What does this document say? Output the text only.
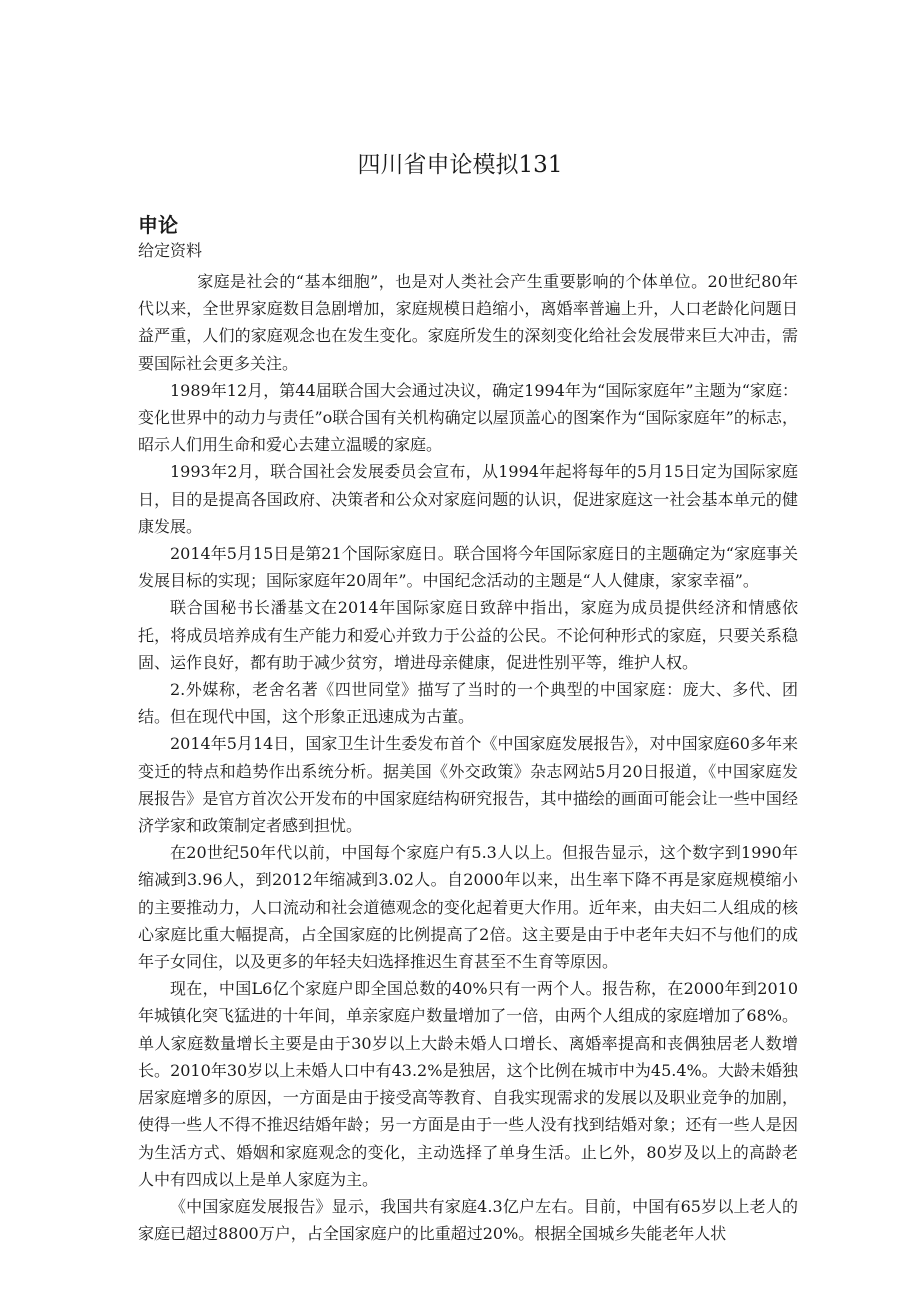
四川省申论模拟131
申论
给定资料

家庭是社会的“基本细胞”，也是对人类社会产生重要影响的个体单位。20世纪80年代以来，全世界家庭数目急剧增加，家庭规模日趋缩小，离婚率普遍上升，人口老龄化问题日益严重，人们的家庭观念也在发生变化。家庭所发生的深刻变化给社会发展带来巨大冲击，需要国际社会更多关注。

1989年12月，第44届联合国大会通过决议，确定1994年为“国际家庭年”主题为“家庭：变化世界中的动力与责任”o联合国有关机构确定以屋顶盖心的图案作为“国际家庭年”的标志，昭示人们用生命和爱心去建立温暖的家庭。

1993年2月，联合国社会发展委员会宣布，从1994年起将每年的5月15日定为国际家庭日，目的是提高各国政府、决策者和公众对家庭问题的认识，促进家庭这一社会基本单元的健康发展。

2014年5月15日是第21个国际家庭日。联合国将今年国际家庭日的主题确定为“家庭事关发展目标的实现；国际家庭年20周年”。中国纪念活动的主题是“人人健康，家家幸福”。

联合国秘书长潘基文在2014年国际家庭日致辞中指出，家庭为成员提供经济和情感依托，将成员培养成有生产能力和爱心并致力于公益的公民。不论何种形式的家庭，只要关系稳固、运作良好，都有助于减少贫穷，增进母亲健康，促进性别平等，维护人权。

2.外媒称，老舍名著《四世同堂》描写了当时的一个典型的中国家庭：庞大、多代、团结。但在现代中国，这个形象正迅速成为古董。

2014年5月14日，国家卫生计生委发布首个《中国家庭发展报告》，对中国家庭60多年来变迁的特点和趋势作出系统分析。据美国《外交政策》杂志网站5月20日报道，《中国家庭发展报告》是官方首次公开发布的中国家庭结构研究报告，其中描绘的画面可能会让一些中国经济学家和政策制定者感到担忧。

在20世纪50年代以前，中国每个家庭户有5.3人以上。但报告显示，这个数字到1990年缩减到3.96人，到2012年缩减到3.02人。自2000年以来，出生率下降不再是家庭规模缩小的主要推动力，人口流动和社会道德观念的变化起着更大作用。近年来，由夫妇二人组成的核心家庭比重大幅提高，占全国家庭的比例提高了2倍。这主要是由于中老年夫妇不与他们的成年子女同住，以及更多的年轻夫妇选择推迟生育甚至不生育等原因。

现在，中国L6亿个家庭户即全国总数的40%只有一两个人。报告称，在2000年到2010年城镇化突飞猛进的十年间，单亲家庭户数量增加了一倍，由两个人组成的家庭增加了68%。单人家庭数量增长主要是由于30岁以上大龄未婚人口增长、离婚率提高和丧偶独居老人数增长。2010年30岁以上未婚人口中有43.2%是独居，这个比例在城市中为45.4%。大龄未婚独居家庭增多的原因，一方面是由于接受高等教育、自我实现需求的发展以及职业竞争的加剧，使得一些人不得不推迟结婚年龄；另一方面是由于一些人没有找到结婚对象；还有一些人是因为生活方式、婚姻和家庭观念的变化，主动选择了单身生活。止匕外，80岁及以上的高龄老人中有四成以上是单人家庭为主。

《中国家庭发展报告》显示，我国共有家庭4.3亿户左右。目前，中国有65岁以上老人的家庭已超过8800万户，占全国家庭户的比重超过20%。根据全国城乡失能老年人状
